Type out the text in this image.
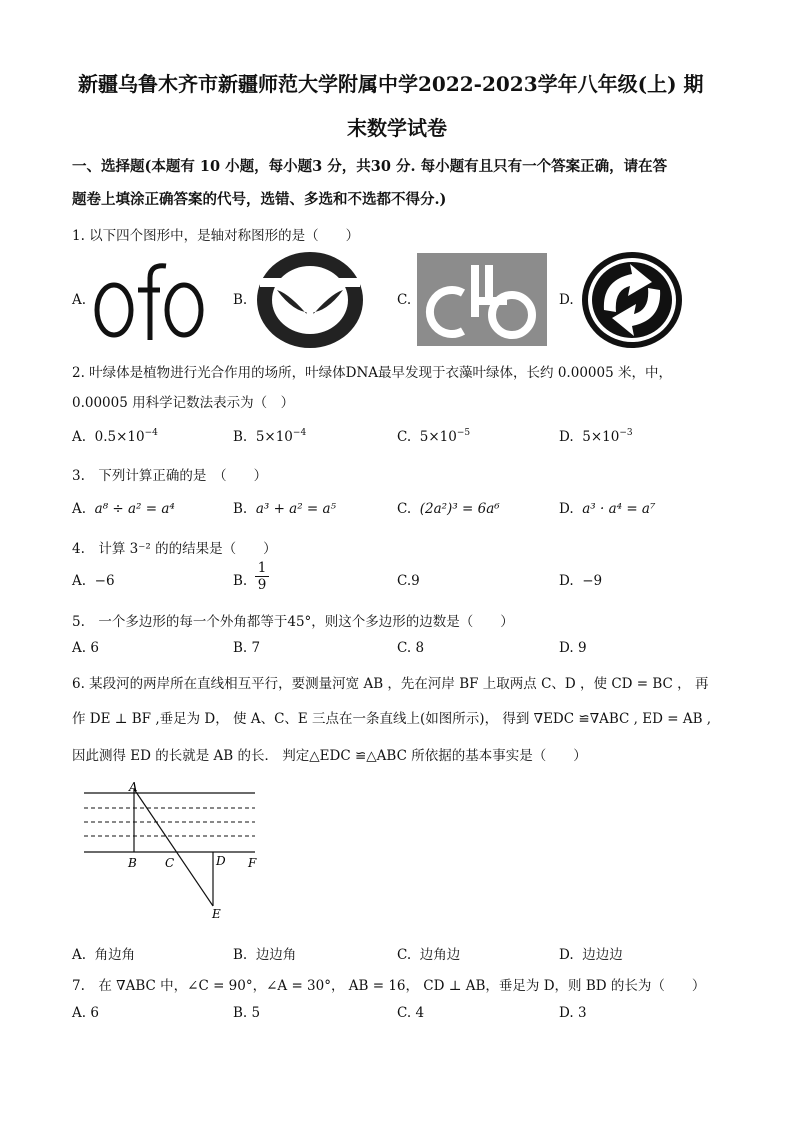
新疆乌鲁木齐市新疆师范大学附属中学2022-2023学年八年级(上) 期
末数学试卷
一、选择题(本题有 10 小题，每小题3 分，共30 分. 每小题有且只有一个答案正确，请在答
题卷上填涂正确答案的代号，选错、多选和不选都不得分.)
1. 以下四个图形中，是轴对称图形的是（　　）
A.	B.	C.	D.
2. 叶绿体是植物进行光合作用的场所，叶绿体DNA最早发现于衣藻叶绿体，长约 0.00005 米，中，
0.00005 用科学记数法表示为（　）
A. $0.5\times 10^{-4}$	B. $5\times 10^{-4}$	C. $5\times 10^{-5}$	D. $5\times 10^{-3}$
3.　下列计算正确的是　（　　）
A. a⁸ ÷ a² = a⁴	B. a³ + a² = a⁵	C. (2a²)³ = 6a⁶	D. a³ · a⁴ = a⁷
4.　计算 3⁻² 的的结果是（　　）
A. −6	B.
1
9	C.9	D. −9
5.　一个多边形的每一个外角都等于45°，则这个多边形的边数是（　　）
A. 6	B. 7	C. 8	D. 9
6. 某段河的两岸所在直线相互平行，要测量河宽 AB ，先在河岸 BF 上取两点 C、D ，使 CD = BC ， 再
作 DE ⊥ BF ,垂足为 D， 使 A、C、E 三点在一条直线上(如图所示)， 得到 ∇EDC ≌∇ABC , ED = AB ,
因此测得 ED 的长就是 AB 的长． 判定△EDC ≌△ABC 所依据的基本事实是（　　）
A
B C	D F
E
A. 角边角	B. 边边角	C. 边角边	D. 边边边
7.　在 ∇ABC 中，∠C = 90°，∠A = 30°， AB = 16， CD ⊥ AB，垂足为 D，则 BD 的长为（　　）
A. 6	B. 5	C. 4	D. 3
